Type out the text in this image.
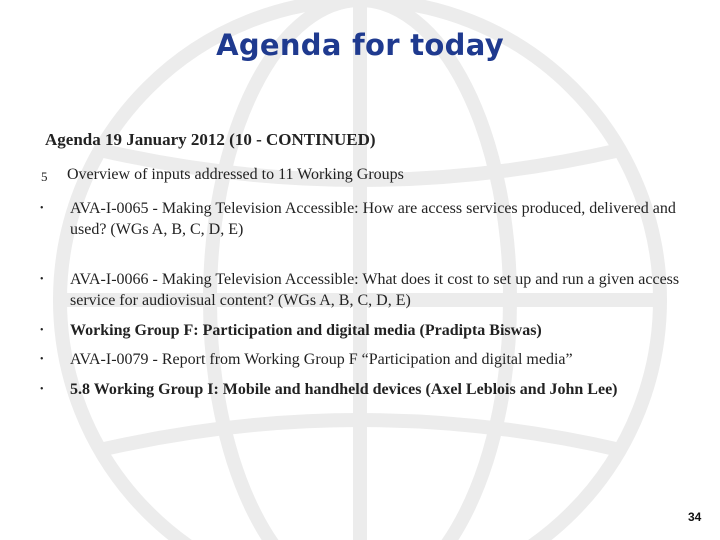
Agenda for today
Agenda 19 January 2012 (10 - CONTINUED)
5 Overview of inputs addressed to 11 Working Groups
• AVA-I-0065 - Making Television Accessible: How are access services produced, delivered and used? (WGs A, B, C, D, E)
• AVA-I-0066 - Making Television Accessible: What does it cost to set up and run a given access service for audiovisual content? (WGs A, B, C, D, E)
• Working Group F: Participation and digital media (Pradipta Biswas)
• AVA-I-0079 - Report from Working Group F “Participation and digital media”
• 5.8 Working Group I: Mobile and handheld devices (Axel Leblois and John Lee)
34
